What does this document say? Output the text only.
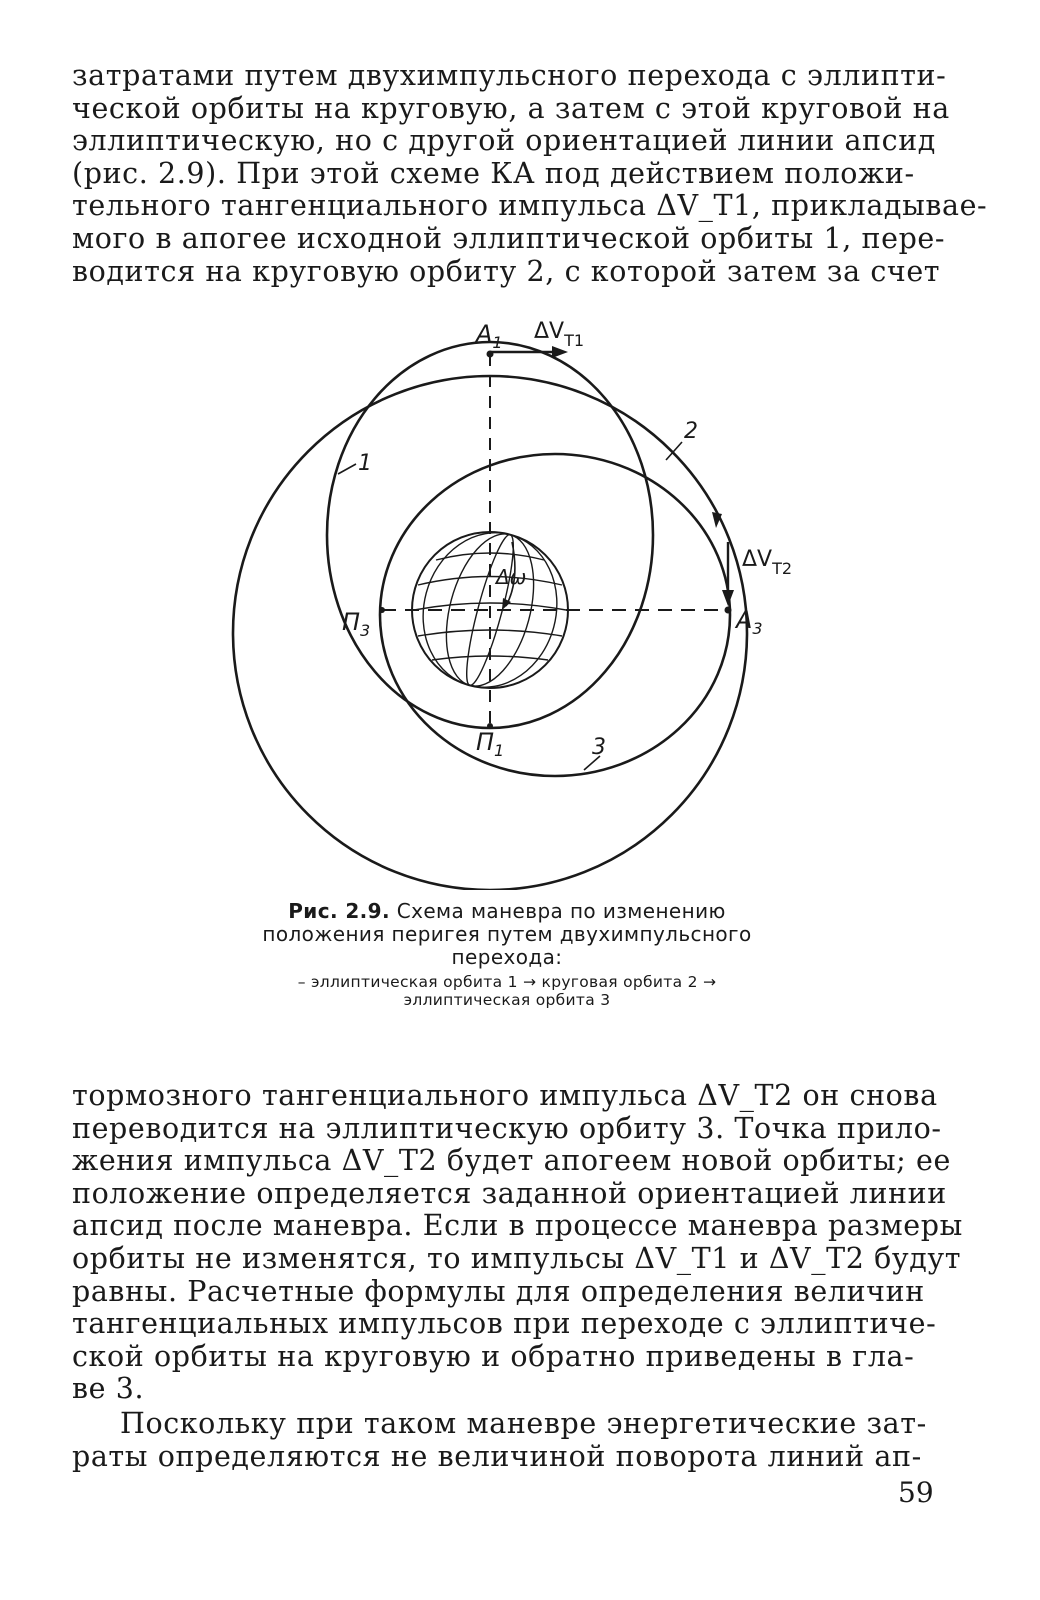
затратами путем двухимпульсного перехода с эллипти-
ческой орбиты на круговую, а затем с этой круговой на
эллиптическую, но с другой ориентацией линии апсид
(рис. 2.9). При этой схеме КА под действием положи-
тельного тангенциального импульса ΔV_T1, прикладывае-
мого в апогее исходной эллиптической орбиты 1, пере-
водится на круговую орбиту 2, с которой затем за счет
$A_1$ $\Delta V_{T1}$
2
1
$\Delta V_{T2}$
Δω
$П_3$	$A_3$
$П_1$	3
Рис. 2.9. Схема маневра по изменению положения перигея путем двухимпульсного перехода:
– эллиптическая орбита 1 → круговая орбита 2 →
эллиптическая орбита 3
тормозного тангенциального импульса ΔV_T2 он снова
переводится на эллиптическую орбиту 3. Точка прило-
жения импульса ΔV_T2 будет апогеем новой орбиты; ее
положение определяется заданной ориентацией линии
апсид после маневра. Если в процессе маневра размеры
орбиты не изменятся, то импульсы ΔV_T1 и ΔV_T2 будут
равны. Расчетные формулы для определения величин
тангенциальных импульсов при переходе с эллиптиче-
ской орбиты на круговую и обратно приведены в гла-
ве 3.
Поскольку при таком маневре энергетические зат-
раты определяются не величиной поворота линий ап-
59
